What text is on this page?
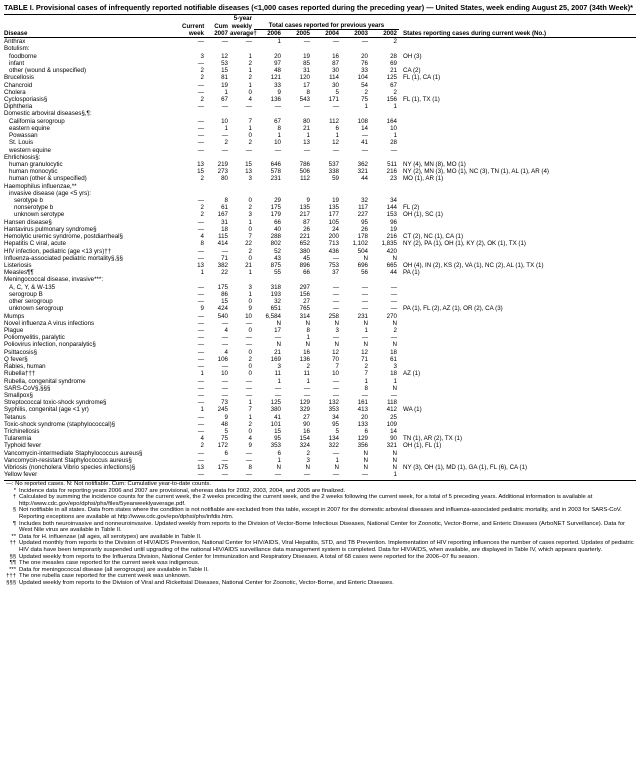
TABLE I. Provisional cases of infrequently reported notifiable diseases (<1,000 cases reported during the preceding year) — United States, week ending August 25, 2007 (34th Week)*
			5-year						
	Current	Cum	weekly	Total cases reported for previous years					
Disease	week	2007	average†	2006	2005	2004	2003	2002	States reporting cases during current week (No.)
Anthrax	—	—	—	1	—	—	—	2	
Botulism:									
foodborne	3	12	1	20	19	16	20	28	OH (3)
infant	—	53	2	97	85	87	76	69	
other (wound & unspecified)	2	15	1	48	31	30	33	21	CA (2)
Brucellosis	2	81	2	121	120	114	104	125	FL (1), CA (1)
Chancroid	—	19	1	33	17	30	54	67	
Cholera	—	1	0	9	8	5	2	2	
Cyclosporiasis§	2	67	4	136	543	171	75	156	FL (1), TX (1)
Diphtheria	—	—	—	—	—	—	1	1	
Domestic arboviral diseases§,¶:									
California serogroup	—	10	7	67	80	112	108	164	
eastern equine	—	1	1	8	21	6	14	10	
Powassan	—	—	0	1	1	1	—	1	
St. Louis	—	2	2	10	13	12	41	28	
western equine	—	—	—	—	—	—	—	—	
Ehrlichiosis§:									
human granulocytic	13	219	15	646	786	537	362	511	NY (4), MN (8), MO (1)
human monocytic	15	273	13	578	506	338	321	216	NY (2), MN (3), MO (1), NC (3), TN (1), AL (1), AR (4)
human (other & unspecified)	2	80	3	231	112	59	44	23	MO (1), AR (1)
Haemophilus influenzae,**									
invasive disease (age <5 yrs):									
serotype b	—	8	0	29	9	19	32	34	
nonserotype b	2	61	2	175	135	135	117	144	FL (2)
unknown serotype	2	167	3	179	217	177	227	153	OH (1), SC (1)
Hansen disease§	—	31	1	66	87	105	95	96	
Hantavirus pulmonary syndrome§	—	18	0	40	26	24	26	19	
Hemolytic uremic syndrome, postdiarrheal§	4	115	7	288	221	200	178	216	CT (2), NC (1), CA (1)
Hepatitis C viral, acute	8	414	22	802	652	713	1,102	1,835	NY (2), PA (1), OH (1), KY (2), OK (1), TX (1)
HIV infection, pediatric (age <13 yrs)††	—	—	2	52	380	436	504	420	
Influenza-associated pediatric mortality§,§§	—	71	0	43	45	—	N	N	
Listeriosis	13	382	21	875	896	753	696	665	OH (4), IN (2), KS (2), VA (1), NC (2), AL (1), TX (1)
Measles¶¶	1	22	1	55	66	37	56	44	PA (1)
Meningococcal disease, invasive***:									
A, C, Y, & W-135	—	175	3	318	297	—	—	—	
serogroup B	—	86	1	193	156	—	—	—	
other serogroup	—	15	0	32	27	—	—	—	
unknown serogroup	9	424	9	651	765	—	—	—	PA (1), FL (2), AZ (1), OR (2), CA (3)
Mumps	—	540	10	6,584	314	258	231	270	
Novel influenza A virus infections	—	—	—	N	N	N	N	N	
Plague	—	4	0	17	8	3	1	2	
Poliomyelitis, paralytic	—	—	—	—	1	—	—	—	
Poliovirus infection, nonparalytic§	—	—	—	N	N	N	N	N	
Psittacosis§	—	4	0	21	16	12	12	18	
Q fever§	—	106	2	169	136	70	71	61	
Rabies, human	—	—	0	3	2	7	2	3	
Rubella†††	1	10	0	11	11	10	7	18	AZ (1)
Rubella, congenital syndrome	—	—	—	1	1	—	1	1	
SARS-CoV§,§§§	—	—	—	—	—	—	8	N	
Smallpox§	—	—	—	—	—	—	—	—	
Streptococcal toxic-shock syndrome§	—	73	1	125	129	132	161	118	
Syphilis, congenital (age <1 yr)	1	245	7	380	329	353	413	412	WA (1)
Tetanus	—	9	1	41	27	34	20	25	
Toxic-shock syndrome (staphylococcal)§	—	48	2	101	90	95	133	109	
Trichinellosis	—	5	0	15	16	5	6	14	
Tularemia	4	75	4	95	154	134	129	90	TN (1), AR (2), TX (1)
Typhoid fever	2	172	9	353	324	322	356	321	OH (1), FL (1)
Vancomycin-intermediate Staphylococcus aureus§	—	6	—	6	2	—	N	N	
Vancomycin-resistant Staphylococcus aureus§	—	—	—	1	3	1	N	N	
Vibriosis (noncholera Vibrio species infections)§	13	175	8	N	N	N	N	N	NY (3), OH (1), MD (1), GA (1), FL (6), CA (1)
Yellow fever	—	—	—	—	—	—	—	1	
—: No reported cases. N: Not notifiable. Cum: Cumulative year-to-date counts.
* Incidence data for reporting years 2006 and 2007 are provisional, whereas data for 2002, 2003, 2004, and 2005 are finalized.
† Calculated by summing the incidence counts for the current week, the 2 weeks preceding the current week, and the 2 weeks following the current week, for a total of 5 preceding years. Additional information is available at http://www.cdc.gov/epo/dphsi/phs/files/5yearweeklyaverage.pdf.
§ Not notifiable in all states. Data from states where the condition is not notifiable are excluded from this table, except in 2007 for the domestic arboviral diseases and influenza-associated pediatric mortality, and in 2003 for SARS-CoV. Reporting exceptions are available at http://www.cdc.gov/epo/dphsi/phs/infdis.htm.
¶ Includes both neuroinvasive and nonneuroinvasive. Updated weekly from reports to the Division of Vector-Borne Infectious Diseases, National Center for Zoonotic, Vector-Borne, and Enteric Diseases (ArboNET Surveillance). Data for West Nile virus are available in Table II.
** Data for H. influenzae (all ages, all serotypes) are available in Table II.
†† Updated monthly from reports to the Division of HIV/AIDS Prevention, National Center for HIV/AIDS, Viral Hepatitis, STD, and TB Prevention. Implementation of HIV reporting influences the number of cases reported. Updates of pediatric HIV data have been temporarily suspended until upgrading of the national HIV/AIDS surveillance data management system is completed. Data for HIV/AIDS, when available, are displayed in Table IV, which appears quarterly.
§§ Updated weekly from reports to the Influenza Division, National Center for Immunization and Respiratory Diseases. A total of 68 cases were reported for the 2006–07 flu season.
¶¶ The one measles case reported for the current week was indigenous.
*** Data for meningococcal disease (all serogroups) are available in Table II.
††† The one rubella case reported for the current week was unknown.
§§§ Updated weekly from reports to the Division of Viral and Rickettsial Diseases, National Center for Zoonotic, Vector-Borne, and Enteric Diseases.
